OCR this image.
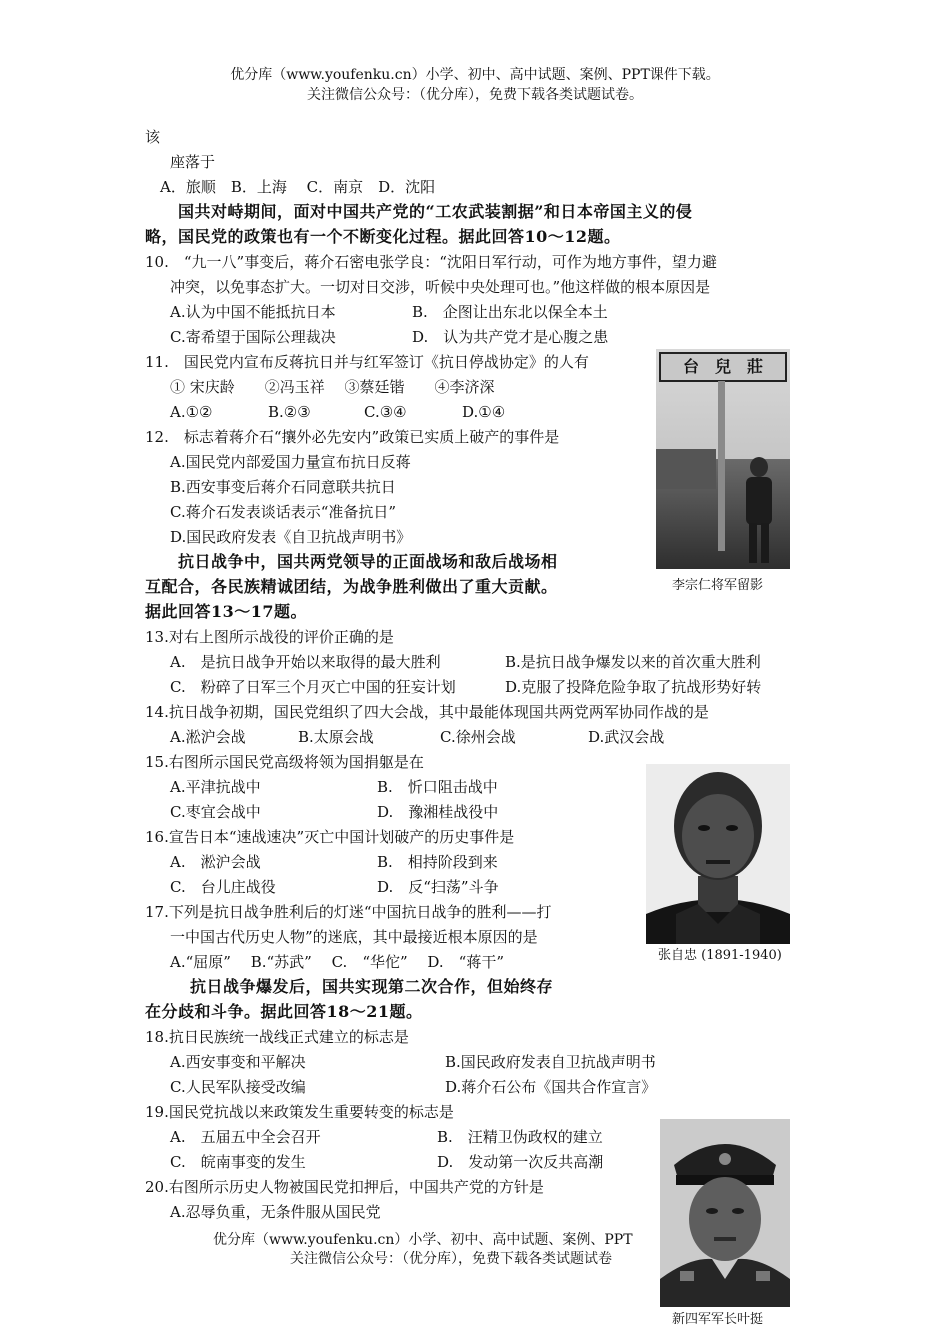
优分库（www.youfenku.cn）小学、初中、高中试题、案例、PPT课件下载。
关注微信公众号：（优分库），免费下载各类试题试卷。
该
座落于
A．旅顺　B．上海　 C．南京　D．沈阳
国共对峙期间，面对中国共产党的“工农武装割据”和日本帝国主义的侵
略，国民党的政策也有一个不断变化过程。据此回答10～12题。
10.　“九一八”事变后，蒋介石密电张学良：“沈阳日军行动，可作为地方事件，望力避
冲突，以免事态扩大。一切对日交涉，听候中央处理可也。”他这样做的根本原因是
A.认为中国不能抵抗日本	B.　企图让出东北以保全本土
C.寄希望于国际公理裁决	D.　认为共产党才是心腹之患
11.　国民党内宣布反蒋抗日并与红军签订《抗日停战协定》的人有
① 宋庆龄　　②冯玉祥　 ③蔡廷锴　　④李济深
A.①②	B.②③	C.③④	D.①④
12.　标志着蒋介石“攘外必先安内”政策已实质上破产的事件是
A.国民党内部爱国力量宣布抗日反蒋
B.西安事变后蒋介石同意联共抗日
C.蒋介石发表谈话表示“准备抗日”
D.国民政府发表《自卫抗战声明书》
台　兒　莊
李宗仁将军留影
抗日战争中，国共两党领导的正面战场和敌后战场相
互配合，各民族精诚团结，为战争胜利做出了重大贡献。
据此回答13～17题。
13.对右上图所示战役的评价正确的是
A.　是抗日战争开始以来取得的最大胜利	B.是抗日战争爆发以来的首次重大胜利
C.　粉碎了日军三个月灭亡中国的狂妄计划	D.克服了投降危险争取了抗战形势好转
14.抗日战争初期，国民党组织了四大会战，其中最能体现国共两党两军协同作战的是
A.淞沪会战	B.太原会战	C.徐州会战	D.武汉会战
15.右图所示国民党高级将领为国捐躯是在
A.平津抗战中	B.　忻口阻击战中
C.枣宜会战中	D.　豫湘桂战役中
16.宣告日本“速战速决”灭亡中国计划破产的历史事件是
A.　淞沪会战	B.　相持阶段到来
C.　台儿庄战役	D.　反“扫荡”斗争
张自忠 (1891-1940)
17.下列是抗日战争胜利后的灯迷“中国抗日战争的胜利——打
一中国古代历史人物”的迷底，其中最接近根本原因的是
A.“屈原”　 B.“苏武”　 C.　“华佗”　 D.　“蒋干”
抗日战争爆发后，国共实现第二次合作，但始终存
在分歧和斗争。据此回答18～21题。
18.抗日民族统一战线正式建立的标志是
A.西安事变和平解决	B.国民政府发表自卫抗战声明书
C.人民军队接受改编	D.蒋介石公布《国共合作宣言》
19.国民党抗战以来政策发生重要转变的标志是
A.　五届五中全会召开	B.　汪精卫伪政权的建立
C.　皖南事变的发生	D.　发动第一次反共高潮
20.右图所示历史人物被国民党扣押后，中国共产党的方针是
A.忍辱负重，无条件服从国民党
新四军军长叶挺
优分库（www.youfenku.cn）小学、初中、高中试题、案例、PPT
关注微信公众号：（优分库），免费下载各类试题试卷
